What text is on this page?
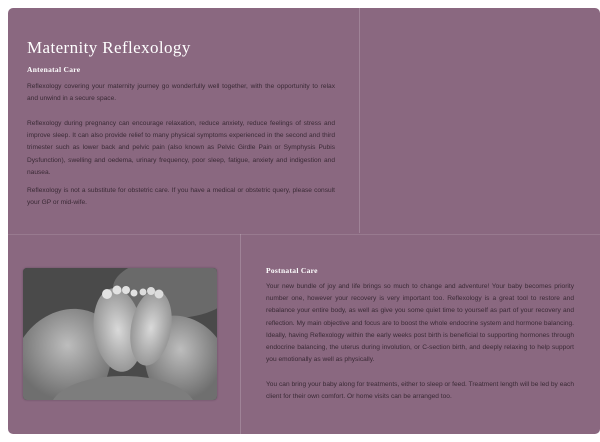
Maternity Reflexology
Antenatal Care

Reflexology covering your maternity journey go wonderfully well together, with the opportunity to relax and unwind in a secure space.

Reflexology during pregnancy can encourage relaxation, reduce anxiety, reduce feelings of stress and improve sleep. It can also provide relief to many physical symptoms experienced in the second and third trimester such as lower back and pelvic pain (also known as Pelvic Girdle Pain or Symphysis Pubis Dysfunction), swelling and oedema, urinary frequency, poor sleep, fatigue, anxiety and indigestion and nausea.

Reflexology is not a substitute for obstetric care. If you have a medical or obstetric query, please consult your GP or mid-wife.

Postnatal Care

Your new bundle of joy and life brings so much to change and adventure! Your baby becomes priority number one, however your recovery is very important too. Reflexology is a great tool to restore and rebalance your entire body, as well as give you some quiet time to yourself as part of your recovery and reflection. My main objective and focus are to boost the whole endocrine system and hormone balancing. Ideally, having Reflexology within the early weeks post birth is beneficial to supporting hormones through endocrine balancing, the uterus during involution, or C-section birth, and deeply relaxing to help support you emotionally as well as physically.

You can bring your baby along for treatments, either to sleep or feed. Treatment length will be led by each client for their own comfort. Or home visits can be arranged too.
